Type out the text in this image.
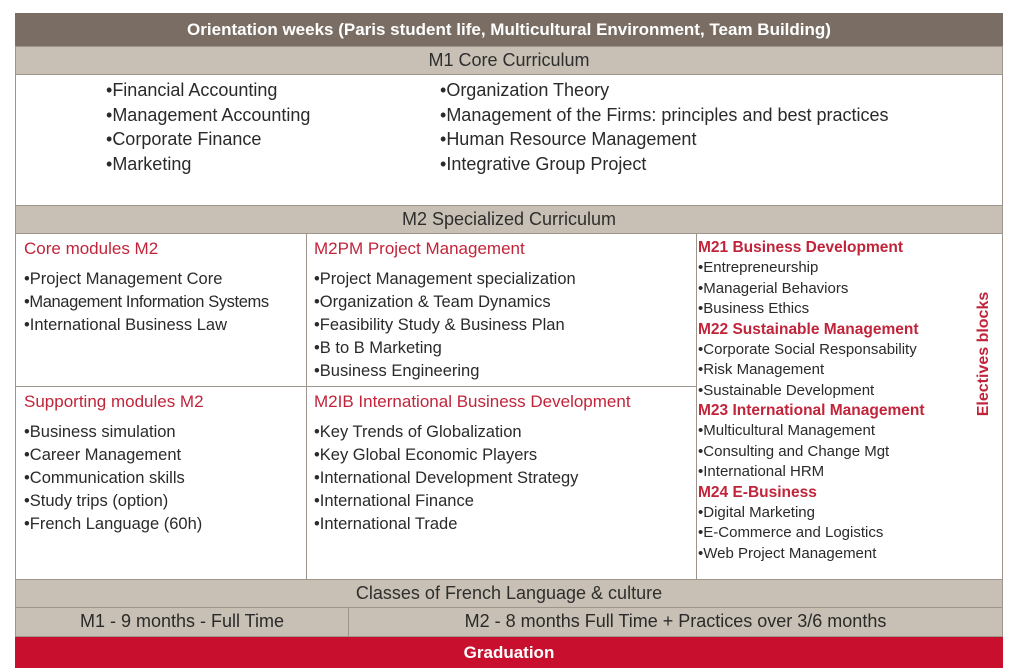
Orientation weeks (Paris student life, Multicultural Environment, Team Building)
M1 Core Curriculum
• Financial Accounting
• Management Accounting
• Corporate Finance
• Marketing
• Organization Theory
• Management of the Firms: principles and best practices
• Human Resource Management
• Integrative Group Project
M2 Specialized Curriculum
Core modules M2
• Project Management Core
• Management Information Systems
• International Business Law
M2PM Project Management
• Project Management specialization
• Organization & Team Dynamics
• Feasibility Study & Business Plan
• B to B Marketing
• Business Engineering
Supporting modules M2
• Business simulation
• Career Management
• Communication skills
• Study trips (option)
• French Language (60h)
M2IB International Business Development
• Key Trends of Globalization
• Key Global Economic Players
• International Development Strategy
• International Finance
• International Trade
M21 Business Development
• Entrepreneurship
• Managerial Behaviors
• Business Ethics
M22 Sustainable Management
• Corporate Social Responsability
• Risk Management
• Sustainable Development
M23 International Management
• Multicultural Management
• Consulting and Change Mgt
• International HRM
M24 E-Business
• Digital Marketing
• E-Commerce and Logistics
• Web Project Management
Electives blocks
Classes of French Language & culture
M1 - 9 months - Full Time	M2 - 8 months Full Time + Practices over 3/6 months
Graduation
